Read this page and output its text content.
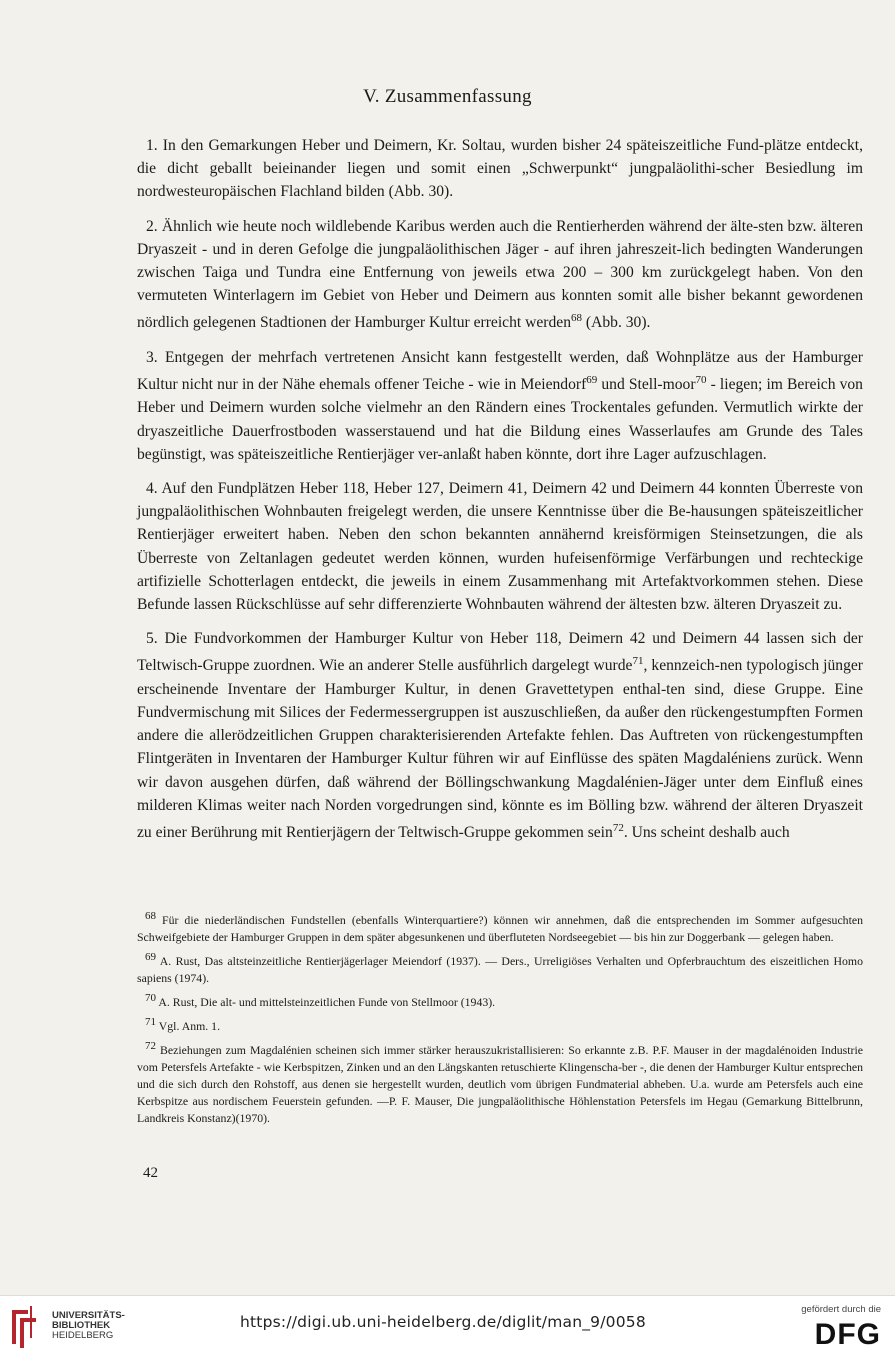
V. Zusammenfassung

1. In den Gemarkungen Heber und Deimern, Kr. Soltau, wurden bisher 24 späteiszeitliche Fund-plätze entdeckt, die dicht geballt beieinander liegen und somit einen „Schwerpunkt“ jungpaläolithi-scher Besiedlung im nordwesteuropäischen Flachland bilden (Abb. 30).

2. Ähnlich wie heute noch wildlebende Karibus werden auch die Rentierherden während der älte-sten bzw. älteren Dryaszeit - und in deren Gefolge die jungpaläolithischen Jäger - auf ihren jahreszeit-lich bedingten Wanderungen zwischen Taiga und Tundra eine Entfernung von jeweils etwa 200 – 300 km zurückgelegt haben. Von den vermuteten Winterlagern im Gebiet von Heber und Deimern aus konnten somit alle bisher bekannt gewordenen nördlich gelegenen Stadtionen der Hamburger Kultur erreicht werden$^{68}$ (Abb. 30).

3. Entgegen der mehrfach vertretenen Ansicht kann festgestellt werden, daß Wohnplätze aus der Hamburger Kultur nicht nur in der Nähe ehemals offener Teiche - wie in Meiendorf$^{69}$ und Stell-moor$^{70}$ - liegen; im Bereich von Heber und Deimern wurden solche vielmehr an den Rändern eines Trockentales gefunden. Vermutlich wirkte der dryaszeitliche Dauerfrostboden wasserstauend und hat die Bildung eines Wasserlaufes am Grunde des Tales begünstigt, was späteiszeitliche Rentierjäger ver-anlaßt haben könnte, dort ihre Lager aufzuschlagen.

4. Auf den Fundplätzen Heber 118, Heber 127, Deimern 41, Deimern 42 und Deimern 44 konnten Überreste von jungpaläolithischen Wohnbauten freigelegt werden, die unsere Kenntnisse über die Be-hausungen späteiszeitlicher Rentierjäger erweitert haben. Neben den schon bekannten annähernd kreisförmigen Steinsetzungen, die als Überreste von Zeltanlagen gedeutet werden können, wurden hufeisenförmige Verfärbungen und rechteckige artifizielle Schotterlagen entdeckt, die jeweils in einem Zusammenhang mit Artefaktvorkommen stehen. Diese Befunde lassen Rückschlüsse auf sehr differenzierte Wohnbauten während der ältesten bzw. älteren Dryaszeit zu.

5. Die Fundvorkommen der Hamburger Kultur von Heber 118, Deimern 42 und Deimern 44 lassen sich der Teltwisch-Gruppe zuordnen. Wie an anderer Stelle ausführlich dargelegt wurde$^{71}$, kennzeich-nen typologisch jünger erscheinende Inventare der Hamburger Kultur, in denen Gravettetypen enthal-ten sind, diese Gruppe. Eine Fundvermischung mit Silices der Federmessergruppen ist auszuschließen, da außer den rückengestumpften Formen andere die allerödzeitlichen Gruppen charakterisierenden Artefakte fehlen. Das Auftreten von rückengestumpften Flintgeräten in Inventaren der Hamburger Kultur führen wir auf Einflüsse des späten Magdaléniens zurück. Wenn wir davon ausgehen dürfen, daß während der Böllingschwankung Magdalénien-Jäger unter dem Einfluß eines milderen Klimas weiter nach Norden vorgedrungen sind, könnte es im Bölling bzw. während der älteren Dryaszeit zu einer Berührung mit Rentierjägern der Teltwisch-Gruppe gekommen sein$^{72}$. Uns scheint deshalb auch

68 Für die niederländischen Fundstellen (ebenfalls Winterquartiere?) können wir annehmen, daß die entsprechenden im Sommer aufgesuchten Schweifgebiete der Hamburger Gruppen in dem später abgesunkenen und überfluteten Nordseegebiet — bis hin zur Doggerbank — gelegen haben.
69 A. Rust, Das altsteinzeitliche Rentierjägerlager Meiendorf (1937). — Ders., Urreligiöses Verhalten und Opferbrauchtum des eiszeitlichen Homo sapiens (1974).
70 A. Rust, Die alt- und mittelsteinzeitlichen Funde von Stellmoor (1943).
71 Vgl. Anm. 1.
72 Beziehungen zum Magdalénien scheinen sich immer stärker herauszukristallisieren: So erkannte z.B. P.F. Mauser in der magdalénoiden Industrie vom Petersfels Artefakte - wie Kerbspitzen, Zinken und an den Längskanten retuschierte Klingenscha-ber -, die denen der Hamburger Kultur entsprechen und die sich durch den Rohstoff, aus denen sie hergestellt wurden, deutlich vom übrigen Fundmaterial abheben. U.a. wurde am Petersfels auch eine Kerbspitze aus nordischem Feuerstein gefunden. —P. F. Mauser, Die jungpaläolithische Höhlenstation Petersfels im Hegau (Gemarkung Bittelbrunn, Landkreis Konstanz)(1970).
42
UNIVERSITÄTS-
BIBLIOTHEK
HEIDELBERG
https://digi.ub.uni-heidelberg.de/diglit/man_9/0058
gefördert durch die
DFG
